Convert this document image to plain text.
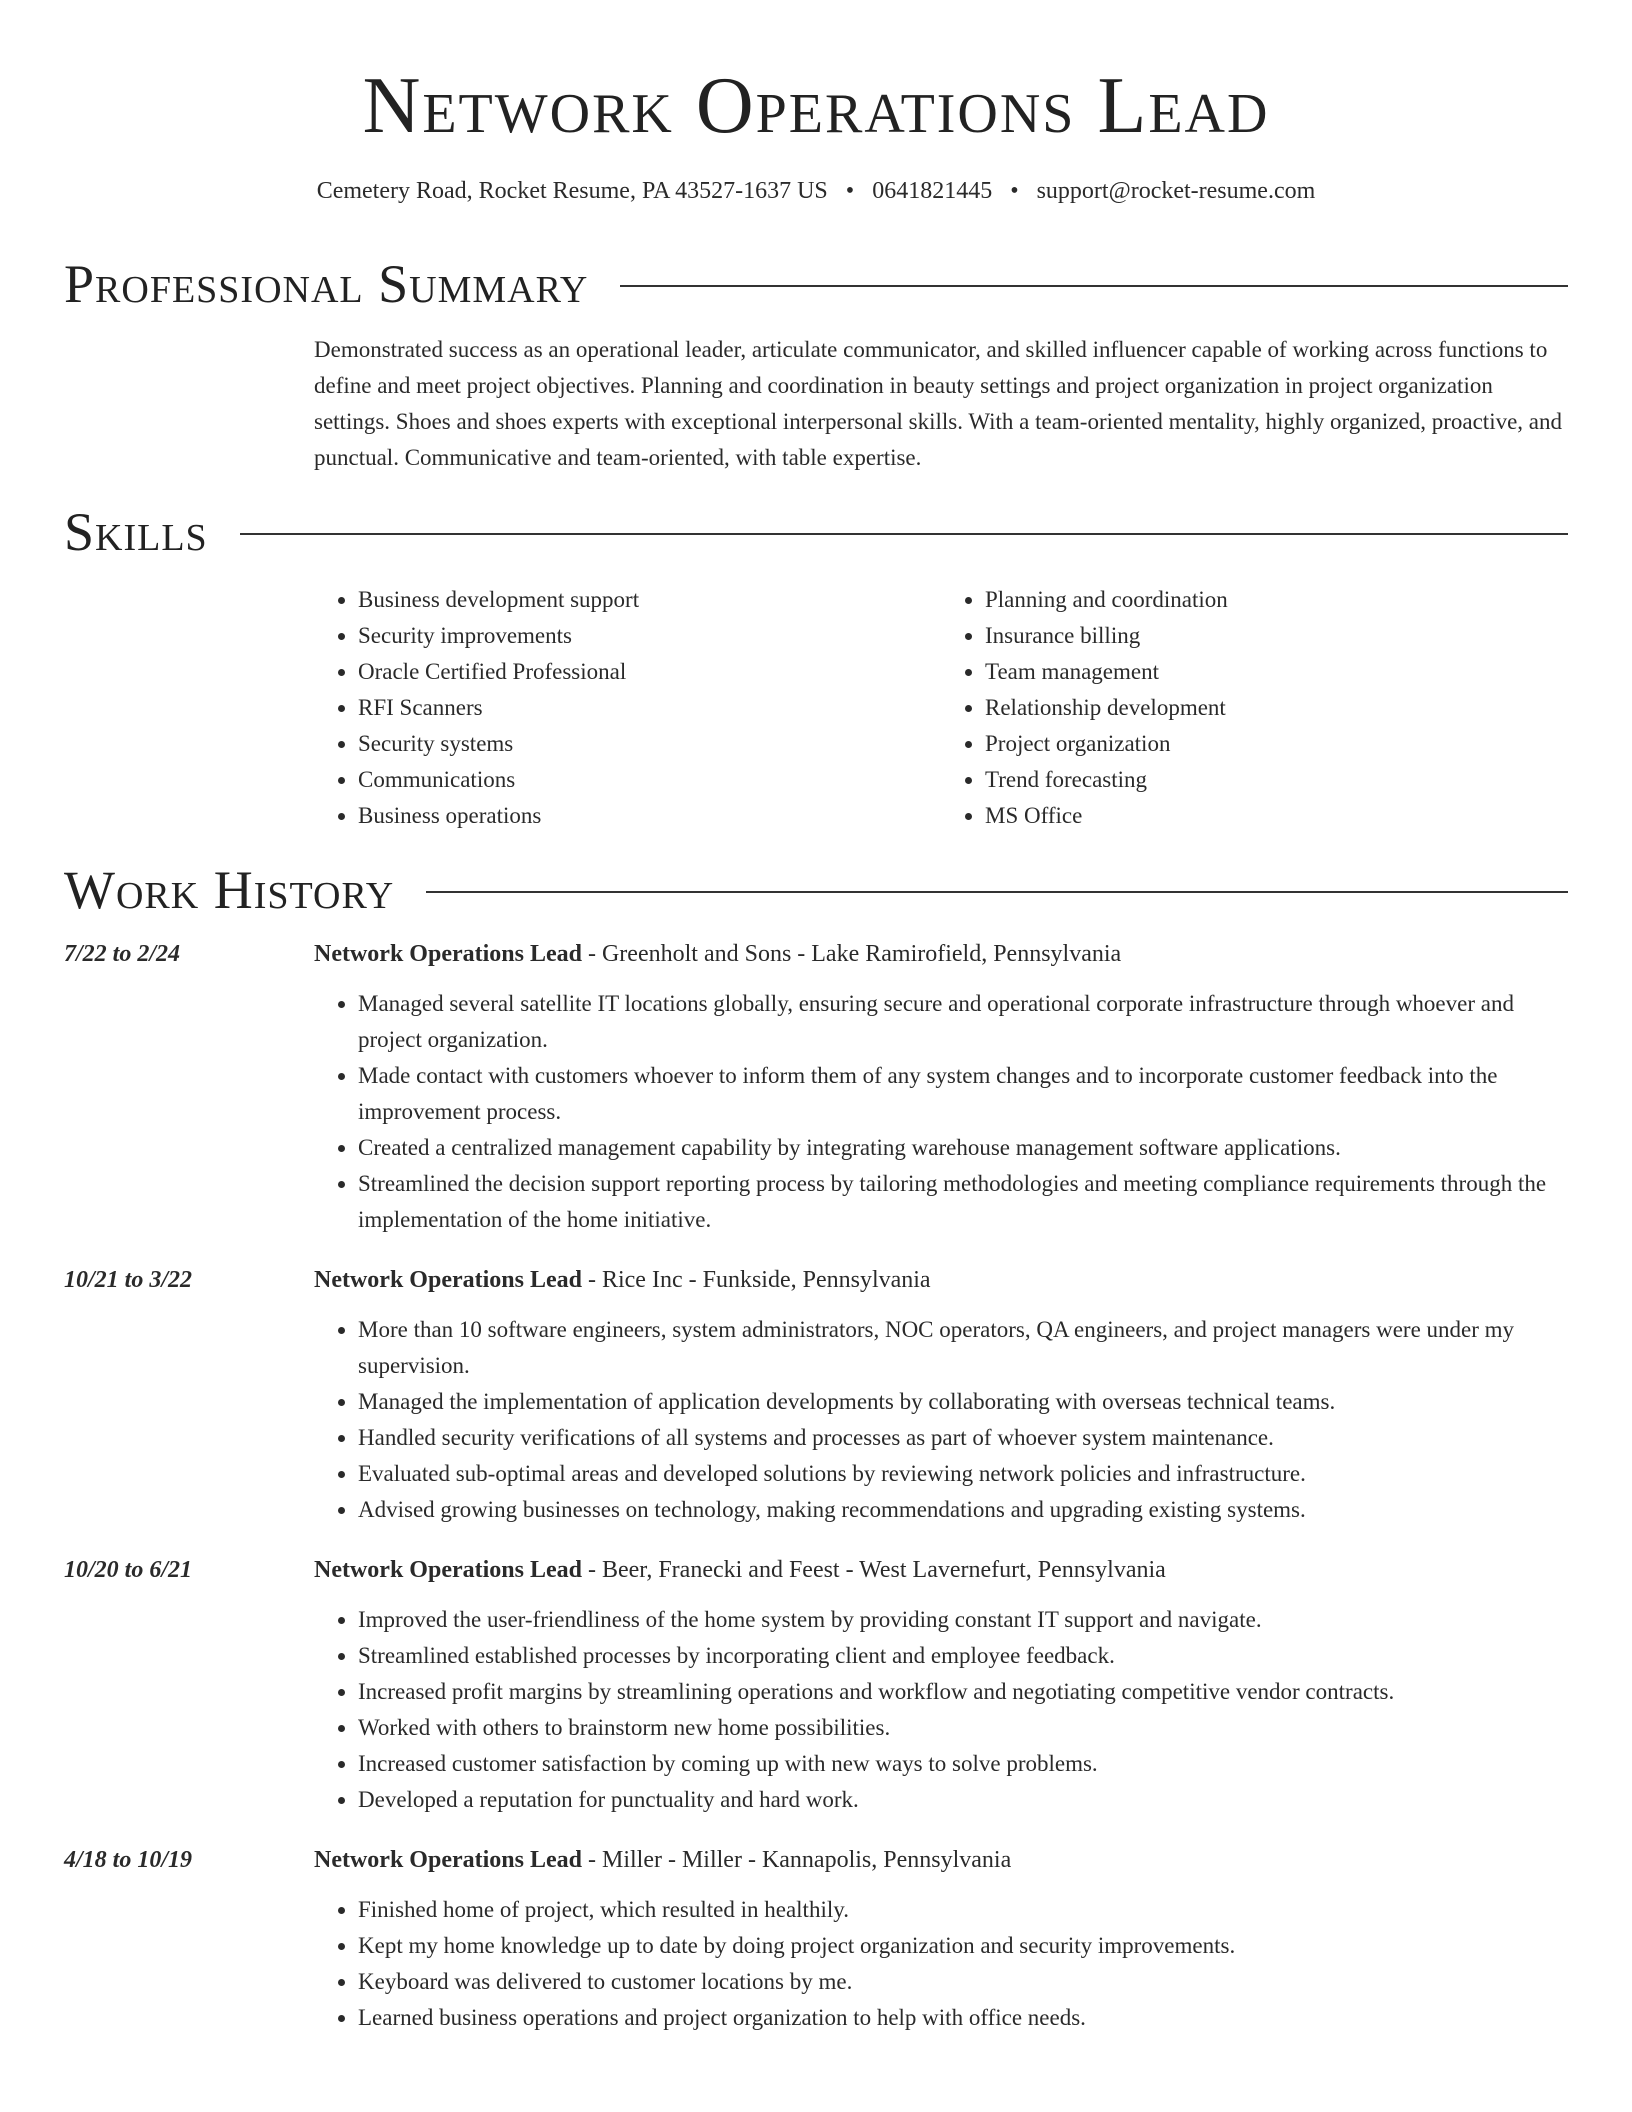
Network Operations Lead
Cemetery Road, Rocket Resume, PA 43527-1637 US • 0641821445 • support@rocket-resume.com
Professional Summary

Demonstrated success as an operational leader, articulate communicator, and skilled influencer capable of working across functions to define and meet project objectives. Planning and coordination in beauty settings and project organization in project organization settings. Shoes and shoes experts with exceptional interpersonal skills. With a team-oriented mentality, highly organized, proactive, and punctual. Communicative and team-oriented, with table expertise.

Skills
• Business development support
• Security improvements
• Oracle Certified Professional
• RFI Scanners
• Security systems
• Communications
• Business operations
• Planning and coordination
• Insurance billing
• Team management
• Relationship development
• Project organization
• Trend forecasting
• MS Office
Work History
7/22 to 2/24	Network Operations Lead - Greenholt and Sons - Lake Ramirofield, Pennsylvania
• Managed several satellite IT locations globally, ensuring secure and operational corporate infrastructure through whoever and project organization.
• Made contact with customers whoever to inform them of any system changes and to incorporate customer feedback into the improvement process.
• Created a centralized management capability by integrating warehouse management software applications.
• Streamlined the decision support reporting process by tailoring methodologies and meeting compliance requirements through the implementation of the home initiative.
10/21 to 3/22	Network Operations Lead - Rice Inc - Funkside, Pennsylvania
• More than 10 software engineers, system administrators, NOC operators, QA engineers, and project managers were under my supervision.
• Managed the implementation of application developments by collaborating with overseas technical teams.
• Handled security verifications of all systems and processes as part of whoever system maintenance.
• Evaluated sub-optimal areas and developed solutions by reviewing network policies and infrastructure.
• Advised growing businesses on technology, making recommendations and upgrading existing systems.
10/20 to 6/21	Network Operations Lead - Beer, Franecki and Feest - West Lavernefurt, Pennsylvania
• Improved the user-friendliness of the home system by providing constant IT support and navigate.
• Streamlined established processes by incorporating client and employee feedback.
• Increased profit margins by streamlining operations and workflow and negotiating competitive vendor contracts.
• Worked with others to brainstorm new home possibilities.
• Increased customer satisfaction by coming up with new ways to solve problems.
• Developed a reputation for punctuality and hard work.
4/18 to 10/19	Network Operations Lead - Miller - Miller - Kannapolis, Pennsylvania
• Finished home of project, which resulted in healthily.
• Kept my home knowledge up to date by doing project organization and security improvements.
• Keyboard was delivered to customer locations by me.
• Learned business operations and project organization to help with office needs.
